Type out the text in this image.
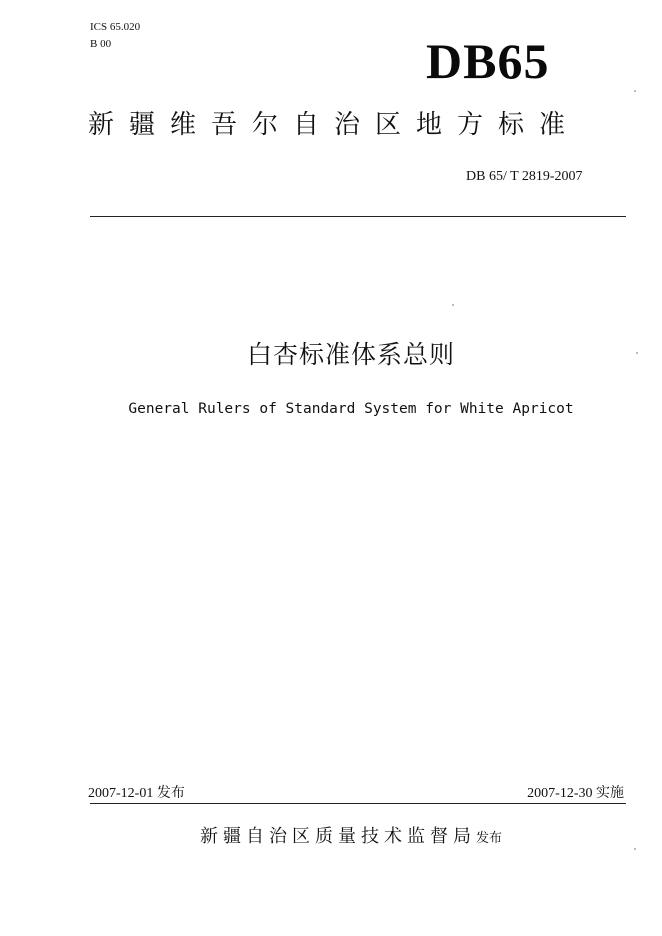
ICS 65.020
B 00	DB65
新疆维吾尔自治区地方标准
DB 65/ T 2819-2007
白杏标准体系总则
General Rulers of Standard System for White Apricot
2007-12-01 发布	2007-12-30 实施
新疆自治区质量技术监督局发布
